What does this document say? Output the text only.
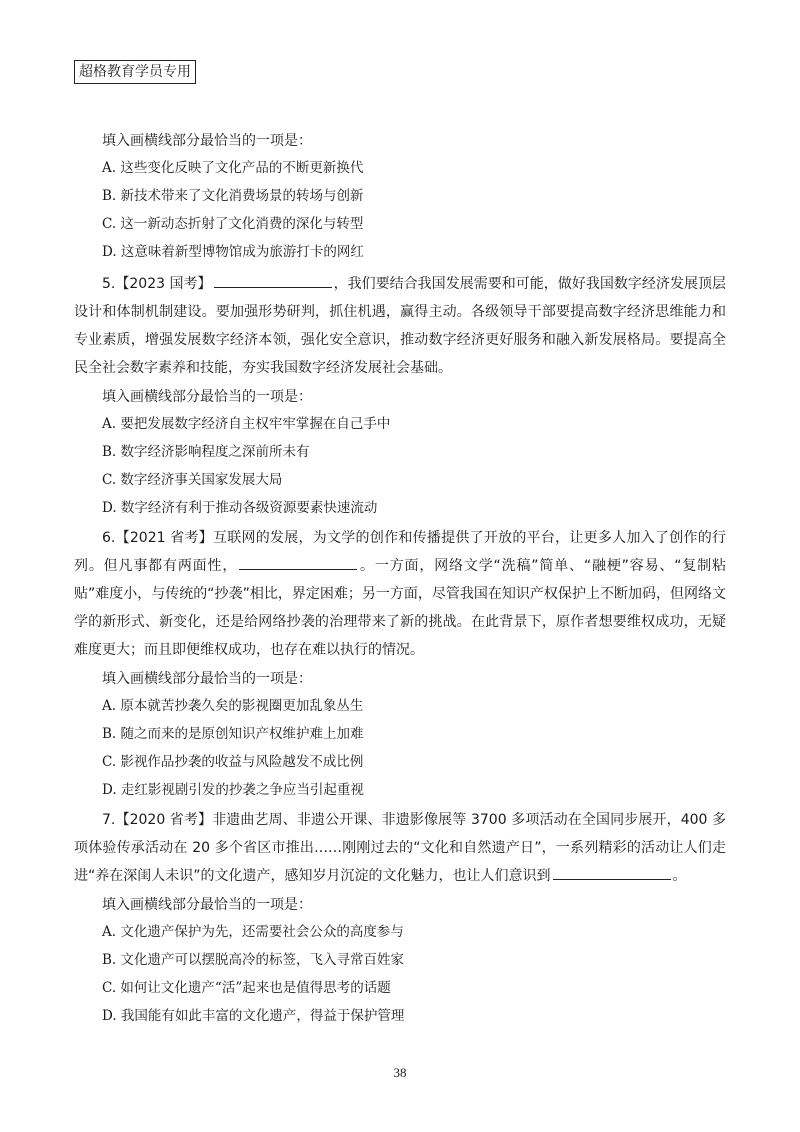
超格教育学员专用

填入画横线部分最恰当的一项是：

A. 这些变化反映了文化产品的不断更新换代

B. 新技术带来了文化消费场景的转场与创新

C. 这一新动态折射了文化消费的深化与转型

D. 这意味着新型博物馆成为旅游打卡的网红

5.【2023 国考】	，我们要结合我国发展需要和可能，做好我国数字经济发展顶层设计和体制机制建设。要加强形势研判，抓住机遇，赢得主动。各级领导干部要提高数字经济思维能力和专业素质，增强发展数字经济本领，强化安全意识，推动数字经济更好服务和融入新发展格局。要提高全民全社会数字素养和技能，夯实我国数字经济发展社会基础。

填入画横线部分最恰当的一项是：

A. 要把发展数字经济自主权牢牢掌握在自己手中

B. 数字经济影响程度之深前所未有

C. 数字经济事关国家发展大局

D. 数字经济有利于推动各级资源要素快速流动

6.【2021 省考】互联网的发展，为文学的创作和传播提供了开放的平台，让更多人加入了创作的行列。但凡事都有两面性，	。一方面，网络文学“洗稿”简单、“融梗”容易、“复制粘贴”难度小，与传统的“抄袭”相比，界定困难；另一方面，尽管我国在知识产权保护上不断加码，但网络文学的新形式、新变化，还是给网络抄袭的治理带来了新的挑战。在此背景下，原作者想要维权成功，无疑难度更大；而且即便维权成功，也存在难以执行的情况。

填入画横线部分最恰当的一项是：

A. 原本就苦抄袭久矣的影视圈更加乱象丛生

B. 随之而来的是原创知识产权维护难上加难

C. 影视作品抄袭的收益与风险越发不成比例

D. 走红影视剧引发的抄袭之争应当引起重视

7.【2020 省考】非遗曲艺周、非遗公开课、非遗影像展等 3700 多项活动在全国同步展开，400 多项体验传承活动在 20 多个省区市推出……刚刚过去的“文化和自然遗产日”，一系列精彩的活动让人们走进“养在深闺人未识”的文化遗产，感知岁月沉淀的文化魅力，也让人们意识到	。

填入画横线部分最恰当的一项是：

A. 文化遗产保护为先，还需要社会公众的高度参与

B. 文化遗产可以摆脱高冷的标签，飞入寻常百姓家

C. 如何让文化遗产“活”起来也是值得思考的话题

D. 我国能有如此丰富的文化遗产，得益于保护管理

38
